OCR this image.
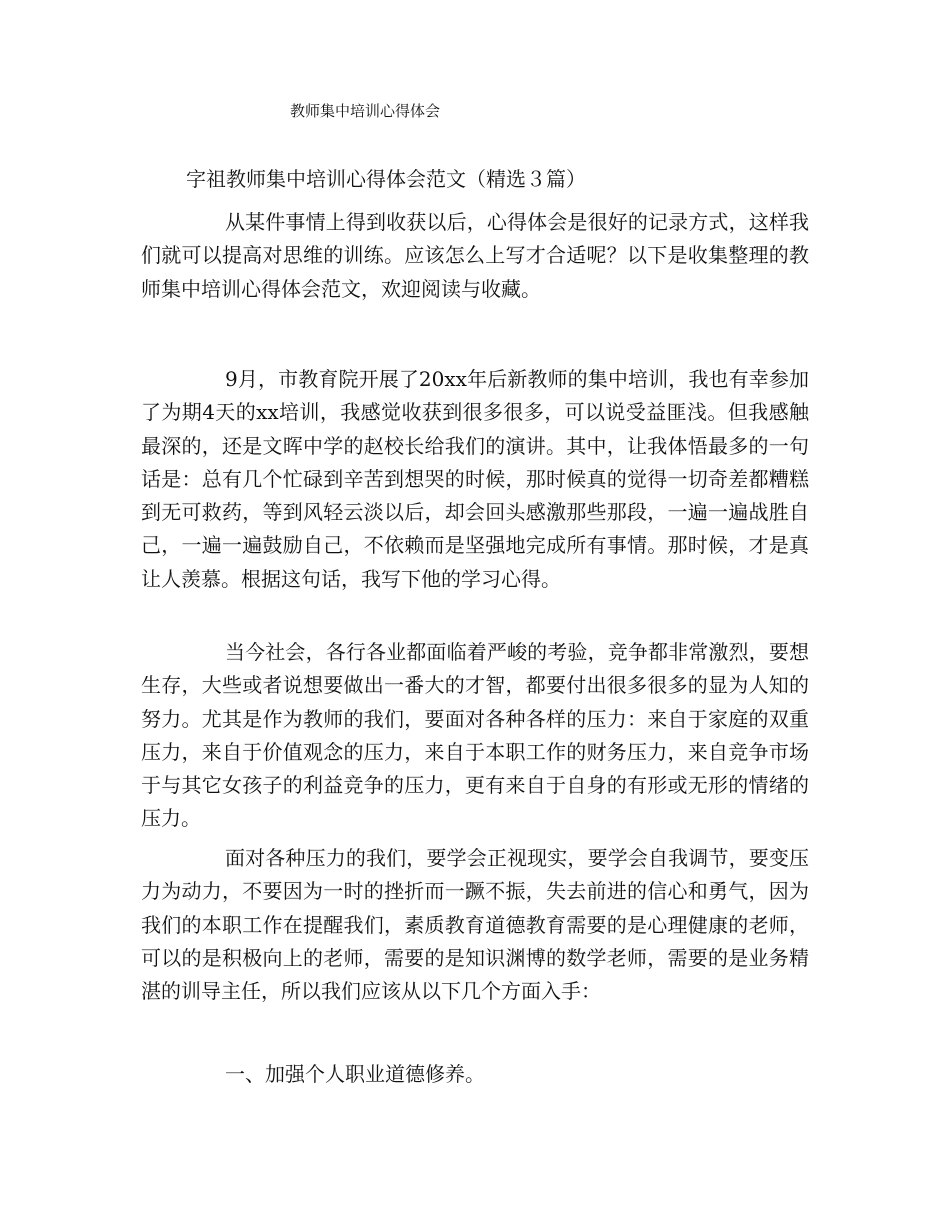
教师集中培训心得体会
字祖教师集中培训心得体会范文（精选３篇）

从某件事情上得到收获以后，心得体会是很好的记录方式，这样我们就可以提高对思维的训练。应该怎么上写才合适呢？以下是收集整理的教师集中培训心得体会范文，欢迎阅读与收藏。

9月，市教育院开展了20xx年后新教师的集中培训，我也有幸参加了为期4天的xx培训，我感觉收获到很多很多，可以说受益匪浅。但我感触最深的，还是文晖中学的赵校长给我们的演讲。其中，让我体悟最多的一句话是：总有几个忙碌到辛苦到想哭的时候，那时候真的觉得一切奇差都糟糕到无可救药，等到风轻云淡以后，却会回头感激那些那段，一遍一遍战胜自己，一遍一遍鼓励自己，不依赖而是坚强地完成所有事情。那时候，才是真让人羡慕。根据这句话，我写下他的学习心得。

当今社会，各行各业都面临着严峻的考验，竞争都非常激烈，要想生存，大些或者说想要做出一番大的才智，都要付出很多很多的显为人知的努力。尤其是作为教师的我们，要面对各种各样的压力：来自于家庭的双重压力，来自于价值观念的压力，来自于本职工作的财务压力，来自竞争市场于与其它女孩子的利益竞争的压力，更有来自于自身的有形或无形的情绪的压力。

面对各种压力的我们，要学会正视现实，要学会自我调节，要变压力为动力，不要因为一时的挫折而一蹶不振，失去前进的信心和勇气，因为我们的本职工作在提醒我们，素质教育道德教育需要的是心理健康的老师，可以的是积极向上的老师，需要的是知识渊博的数学老师，需要的是业务精湛的训导主任，所以我们应该从以下几个方面入手：

一、加强个人职业道德修养。
